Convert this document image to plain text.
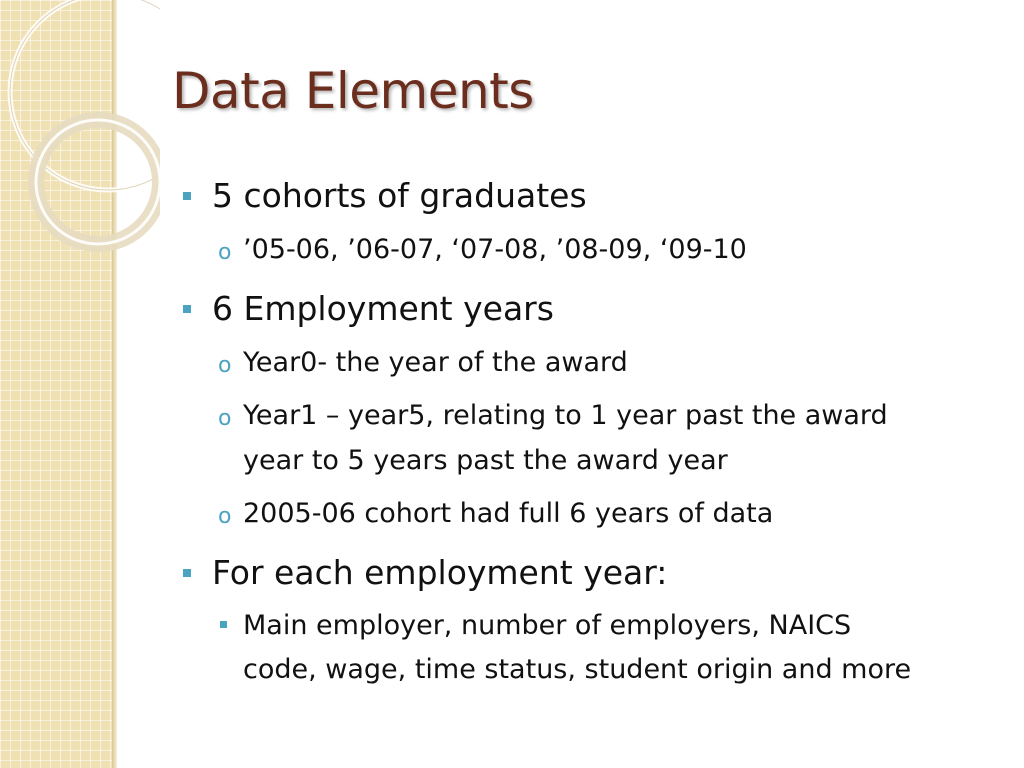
Data Elements
5 cohorts of graduates
o ’05-06, ’06-07, ‘07-08, ’08-09, ‘09-10
6 Employment years
o Year0- the year of the award
o Year1 – year5, relating to 1 year past the award
year to 5 years past the award year
o 2005-06 cohort had full 6 years of data
For each employment year:
Main employer, number of employers, NAICS
code, wage, time status, student origin and more
